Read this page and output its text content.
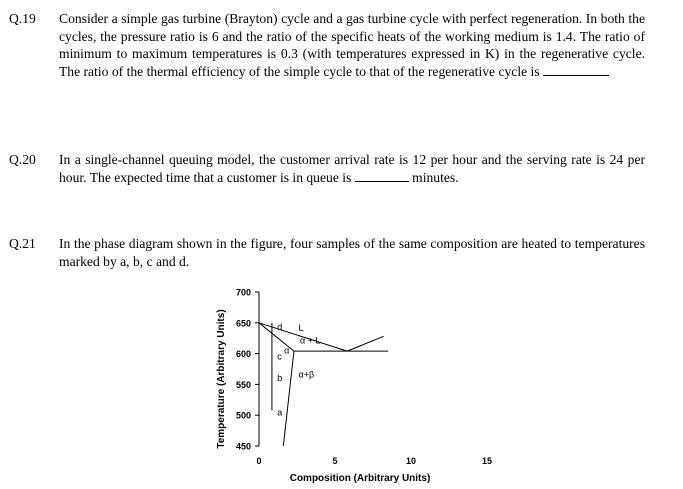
Q.19 Consider a simple gas turbine (Brayton) cycle and a gas turbine cycle with perfect regeneration. In both the cycles, the pressure ratio is 6 and the ratio of the specific heats of the working medium is 1.4. The ratio of minimum to maximum temperatures is 0.3 (with temperatures expressed in K) in the regenerative cycle. The ratio of the thermal efficiency of the simple cycle to that of the regenerative cycle is
Q.20 In a single-channel queuing model, the customer arrival rate is 12 per hour and the serving rate is 24 per hour. The expected time that a customer is in queue is	minutes.
Q.21 In the phase diagram shown in the figure, four samples of the same composition are heated to temperatures marked by a, b, c and d.
700
650
600
550
500
450
0	5	10	15
L
α + L
α
α+β
a
b
c
d
Composition (Arbitrary Units)
Temperature (Arbitrary Units)
